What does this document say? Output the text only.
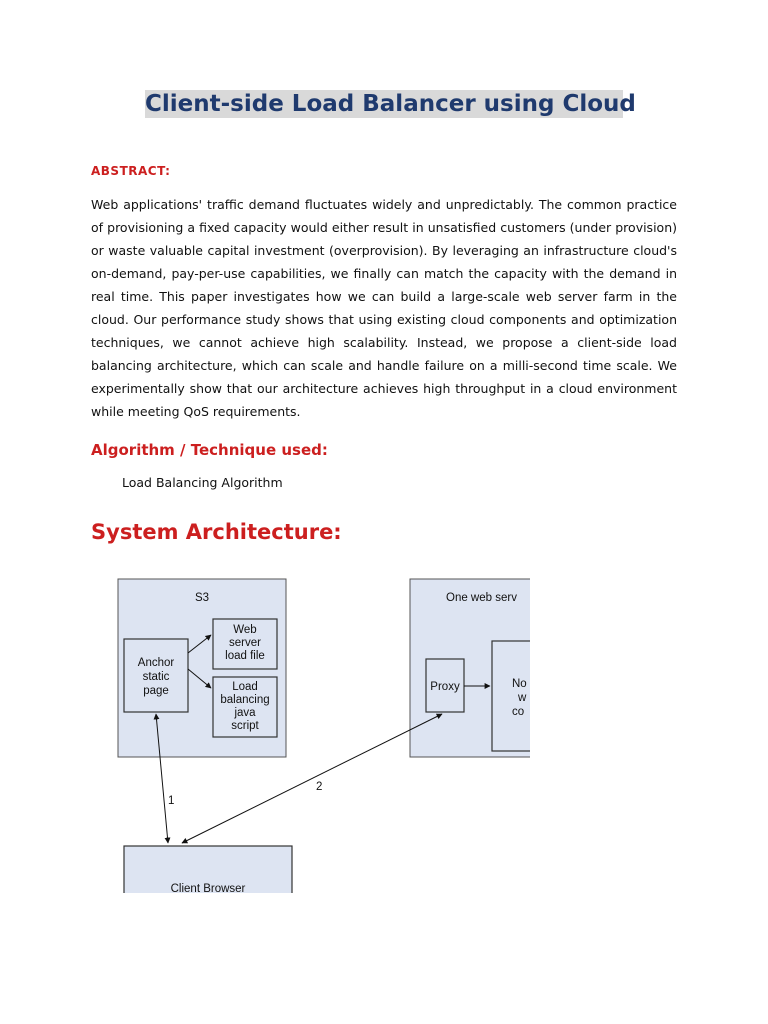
Client-side Load Balancer using Cloud
ABSTRACT:
Web applications' traffic demand fluctuates widely and unpredictably. The common practice of provisioning a fixed capacity would either result in unsatisfied customers (under provision) or waste valuable capital investment (overprovision). By leveraging an infrastructure cloud's on-demand, pay-per-use capabilities, we finally can match the capacity with the demand in real time. This paper investigates how we can build a large-scale web server farm in the cloud. Our performance study shows that using existing cloud components and optimization techniques, we cannot achieve high scalability. Instead, we propose a client-side load balancing architecture, which can scale and handle failure on a milli-second time scale. We experimentally show that our architecture achieves high throughput in a cloud environment while meeting QoS requirements.
Algorithm / Technique used:
Load Balancing Algorithm
System Architecture:
S3
Anchor
static
page
Web
server
load file
Load
balancing
java
script
One web serv
Proxy	No
w
co
1
2
Client Browser
